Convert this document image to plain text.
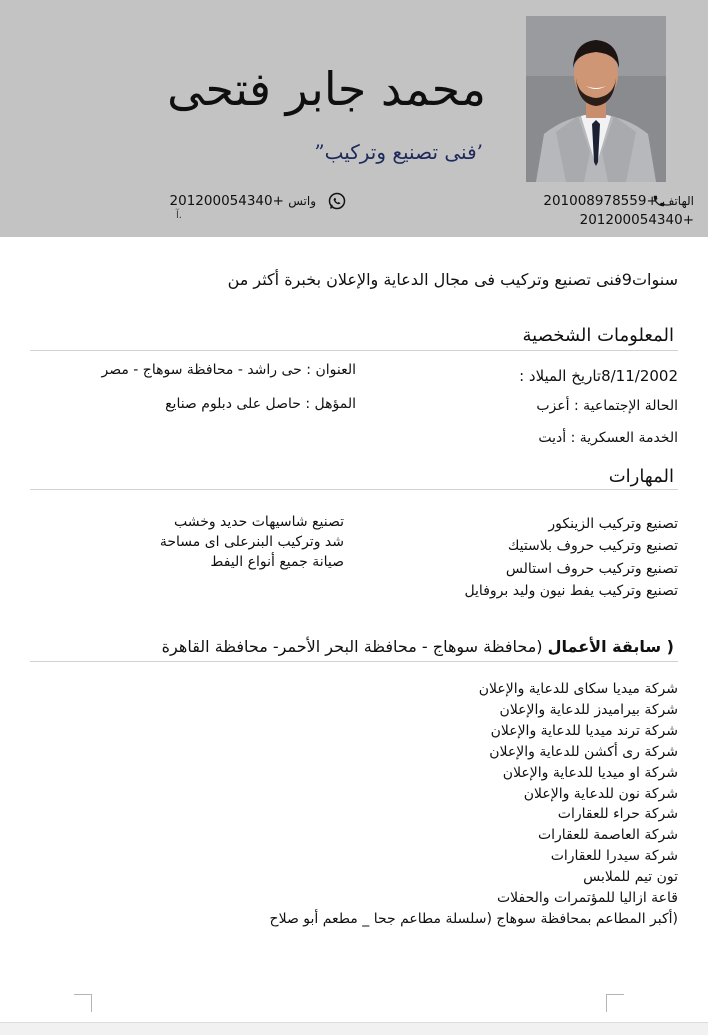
محمد جابر فتحى
’فنى تصنيع وتركيب”
الهاتف +201008978559
+201200054340
واتس +201200054340
آ.
سنوات9فنى تصنيع وتركيب فى مجال الدعاية والإعلان بخبرة أكثر من
المعلومات الشخصية
8/11/2002تاريخ الميلاد :
العنوان : حى راشد - محافظة سوهاج - مصر
الحالة الإجتماعية : أعزب
المؤهل : حاصل على دبلوم صنايع
الخدمة العسكرية : أديت
المهارات
تصنيع وتركيب الزينكور
تصنيع وتركيب حروف بلاستيك
تصنيع وتركيب حروف استالس
تصنيع وتركيب يفط نيون وليد بروفايل
تصنيع شاسيهات حديد وخشب
شد وتركيب البنرعلى اى مساحة
صيانة جميع أنواع اليفط
( سابقة الأعمال (محافظة سوهاج - محافظة البحر الأحمر- محافظة القاهرة
شركة ميديا سكاى للدعاية والإعلان
شركة بيراميدز للدعاية والإعلان
شركة ترند ميديا للدعاية والإعلان
شركة رى أكشن للدعاية والإعلان
شركة او ميديا للدعاية والإعلان
شركة نون للدعاية والإعلان
شركة حراء للعقارات
شركة العاصمة للعقارات
شركة سيدرا للعقارات
تون تيم للملابس
قاعة ازاليا للمؤتمرات والحفلات
(أكبر المطاعم بمحافظة سوهاج (سلسلة مطاعم جحا _ مطعم أبو صلاح
